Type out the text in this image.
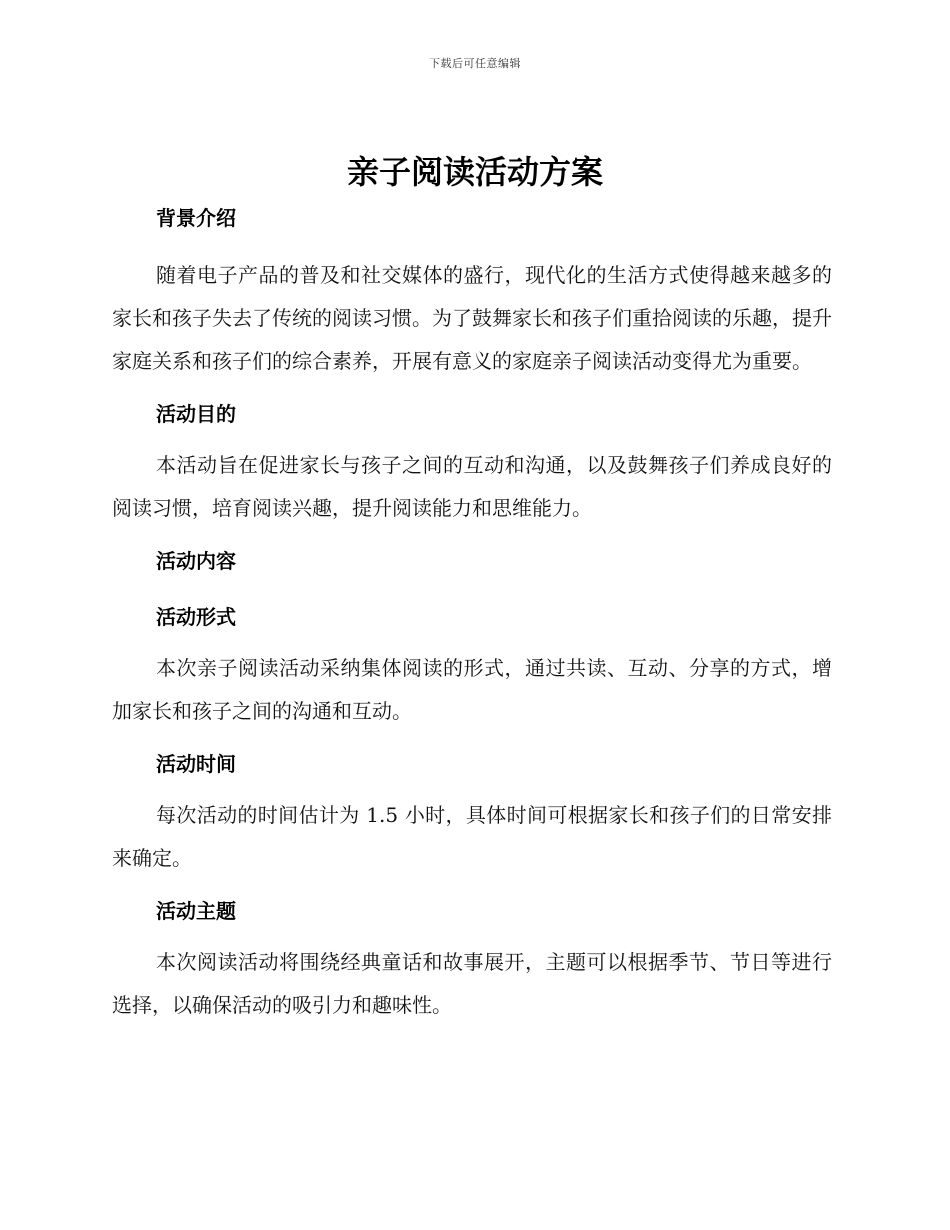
下载后可任意编辑
亲子阅读活动方案

背景介绍

随着电子产品的普及和社交媒体的盛行，现代化的生活方式使得越来越多的家长和孩子失去了传统的阅读习惯。为了鼓舞家长和孩子们重拾阅读的乐趣，提升家庭关系和孩子们的综合素养，开展有意义的家庭亲子阅读活动变得尤为重要。

活动目的

本活动旨在促进家长与孩子之间的互动和沟通，以及鼓舞孩子们养成良好的阅读习惯，培育阅读兴趣，提升阅读能力和思维能力。

活动内容

活动形式

本次亲子阅读活动采纳集体阅读的形式，通过共读、互动、分享的方式，增加家长和孩子之间的沟通和互动。

活动时间

每次活动的时间估计为 1.5 小时，具体时间可根据家长和孩子们的日常安排来确定。

活动主题

本次阅读活动将围绕经典童话和故事展开，主题可以根据季节、节日等进行选择，以确保活动的吸引力和趣味性。
